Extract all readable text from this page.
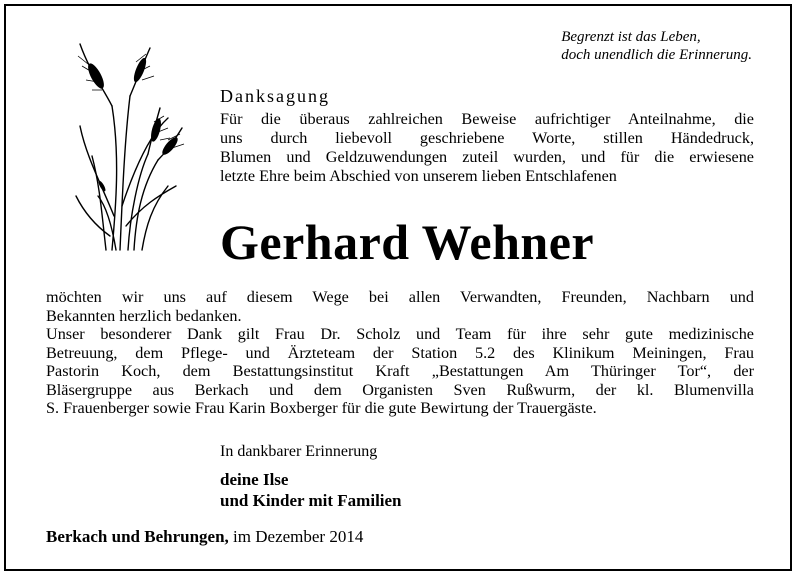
Begrenzt ist das Leben,
doch unendlich die Erinnerung.
Danksagung
Für die überaus zahlreichen Beweise aufrichtiger Anteilnahme, die
uns durch liebevoll geschriebene Worte, stillen Händedruck,
Blumen und Geldzuwendungen zuteil wurden, und für die erwiesene
letzte Ehre beim Abschied von unserem lieben Entschlafenen
Gerhard Wehner
möchten wir uns auf diesem Wege bei allen Verwandten, Freunden, Nachbarn und
Bekannten herzlich bedanken.
Unser besonderer Dank gilt Frau Dr. Scholz und Team für ihre sehr gute medizinische
Betreuung, dem Pflege- und Ärzteteam der Station 5.2 des Klinikum Meiningen, Frau
Pastorin Koch, dem Bestattungsinstitut Kraft „Bestattungen Am Thüringer Tor“, der
Bläsergruppe aus Berkach und dem Organisten Sven Rußwurm, der kl. Blumenvilla
S. Frauenberger sowie Frau Karin Boxberger für die gute Bewirtung der Trauergäste.
In dankbarer Erinnerung
deine Ilse
und Kinder mit Familien
Berkach und Behrungen, im Dezember 2014
